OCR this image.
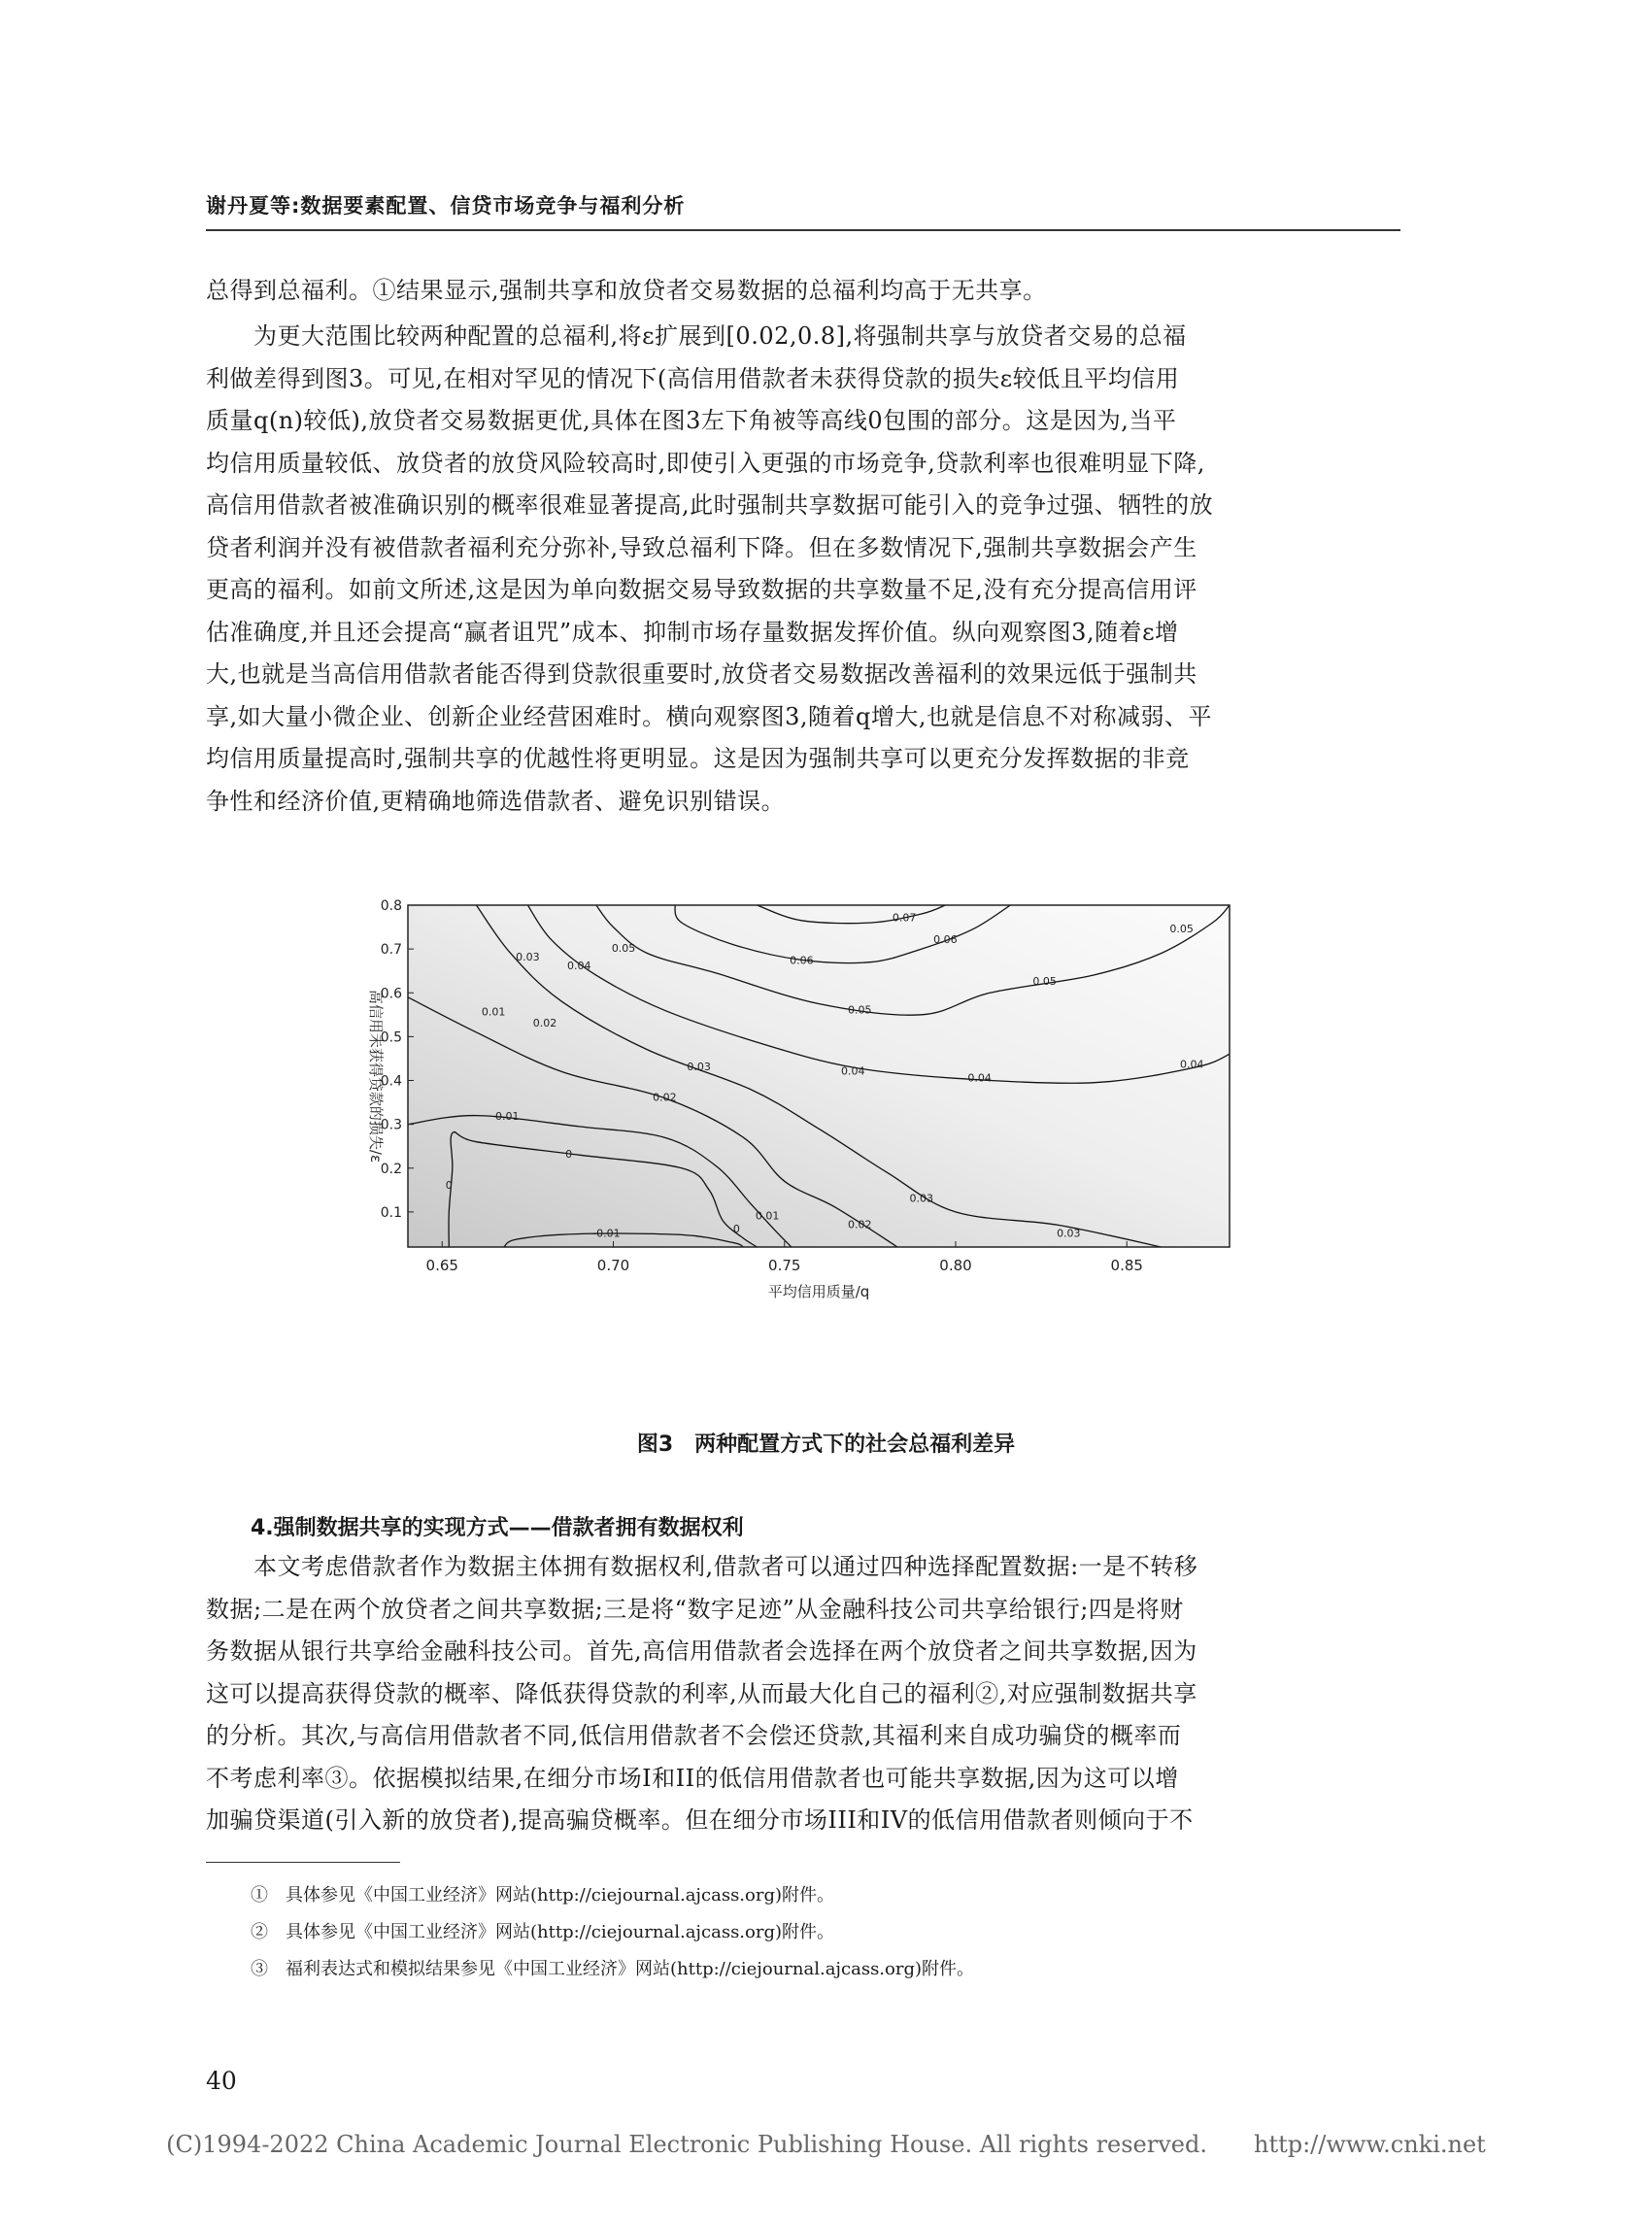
谢丹夏等:数据要素配置、信贷市场竞争与福利分析
总得到总福利。①结果显示,强制共享和放贷者交易数据的总福利均高于无共享。
　　为更大范围比较两种配置的总福利,将ε扩展到[0.02,0.8],将强制共享与放贷者交易的总福
利做差得到图3。可见,在相对罕见的情况下(高信用借款者未获得贷款的损失ε较低且平均信用
质量q(n)较低),放贷者交易数据更优,具体在图3左下角被等高线0包围的部分。这是因为,当平
均信用质量较低、放贷者的放贷风险较高时,即使引入更强的市场竞争,贷款利率也很难明显下降,
高信用借款者被准确识别的概率很难显著提高,此时强制共享数据可能引入的竞争过强、牺牲的放
贷者利润并没有被借款者福利充分弥补,导致总福利下降。但在多数情况下,强制共享数据会产生
更高的福利。如前文所述,这是因为单向数据交易导致数据的共享数量不足,没有充分提高信用评
估准确度,并且还会提高“赢者诅咒”成本、抑制市场存量数据发挥价值。纵向观察图3,随着ε增
大,也就是当高信用借款者能否得到贷款很重要时,放贷者交易数据改善福利的效果远低于强制共
享,如大量小微企业、创新企业经营困难时。横向观察图3,随着q增大,也就是信息不对称减弱、平
均信用质量提高时,强制共享的优越性将更明显。这是因为强制共享可以更充分发挥数据的非竞
争性和经济价值,更精确地筛选借款者、避免识别错误。
-0.01
0
0
0
0.01
0.01
0.01
0.02
0.02
0.02
0.03
0.03
0.03
0.03
0.04
0.04
0.04
0.04
0.05
0.05
0.05
0.05
0.06
0.06
0.07
0.65	0.70	0.75	0.80	0.85
0.1
0.2
0.3
0.4
0.5
0.6
0.7
0.8
平均信用质量/q
高信用未获得贷款的损失/ε
图3　两种配置方式下的社会总福利差异
4.强制数据共享的实现方式——借款者拥有数据权利
　　本文考虑借款者作为数据主体拥有数据权利,借款者可以通过四种选择配置数据:一是不转移
数据;二是在两个放贷者之间共享数据;三是将“数字足迹”从金融科技公司共享给银行;四是将财
务数据从银行共享给金融科技公司。首先,高信用借款者会选择在两个放贷者之间共享数据,因为
这可以提高获得贷款的概率、降低获得贷款的利率,从而最大化自己的福利②,对应强制数据共享
的分析。其次,与高信用借款者不同,低信用借款者不会偿还贷款,其福利来自成功骗贷的概率而
不考虑利率③。依据模拟结果,在细分市场I和II的低信用借款者也可能共享数据,因为这可以增
加骗贷渠道(引入新的放贷者),提高骗贷概率。但在细分市场III和IV的低信用借款者则倾向于不
①　具体参见《中国工业经济》网站(http://ciejournal.ajcass.org)附件。
②　具体参见《中国工业经济》网站(http://ciejournal.ajcass.org)附件。
③　福利表达式和模拟结果参见《中国工业经济》网站(http://ciejournal.ajcass.org)附件。
40
(C)1994-2022 China Academic Journal Electronic Publishing House. All rights reserved.　　http://www.cnki.net
